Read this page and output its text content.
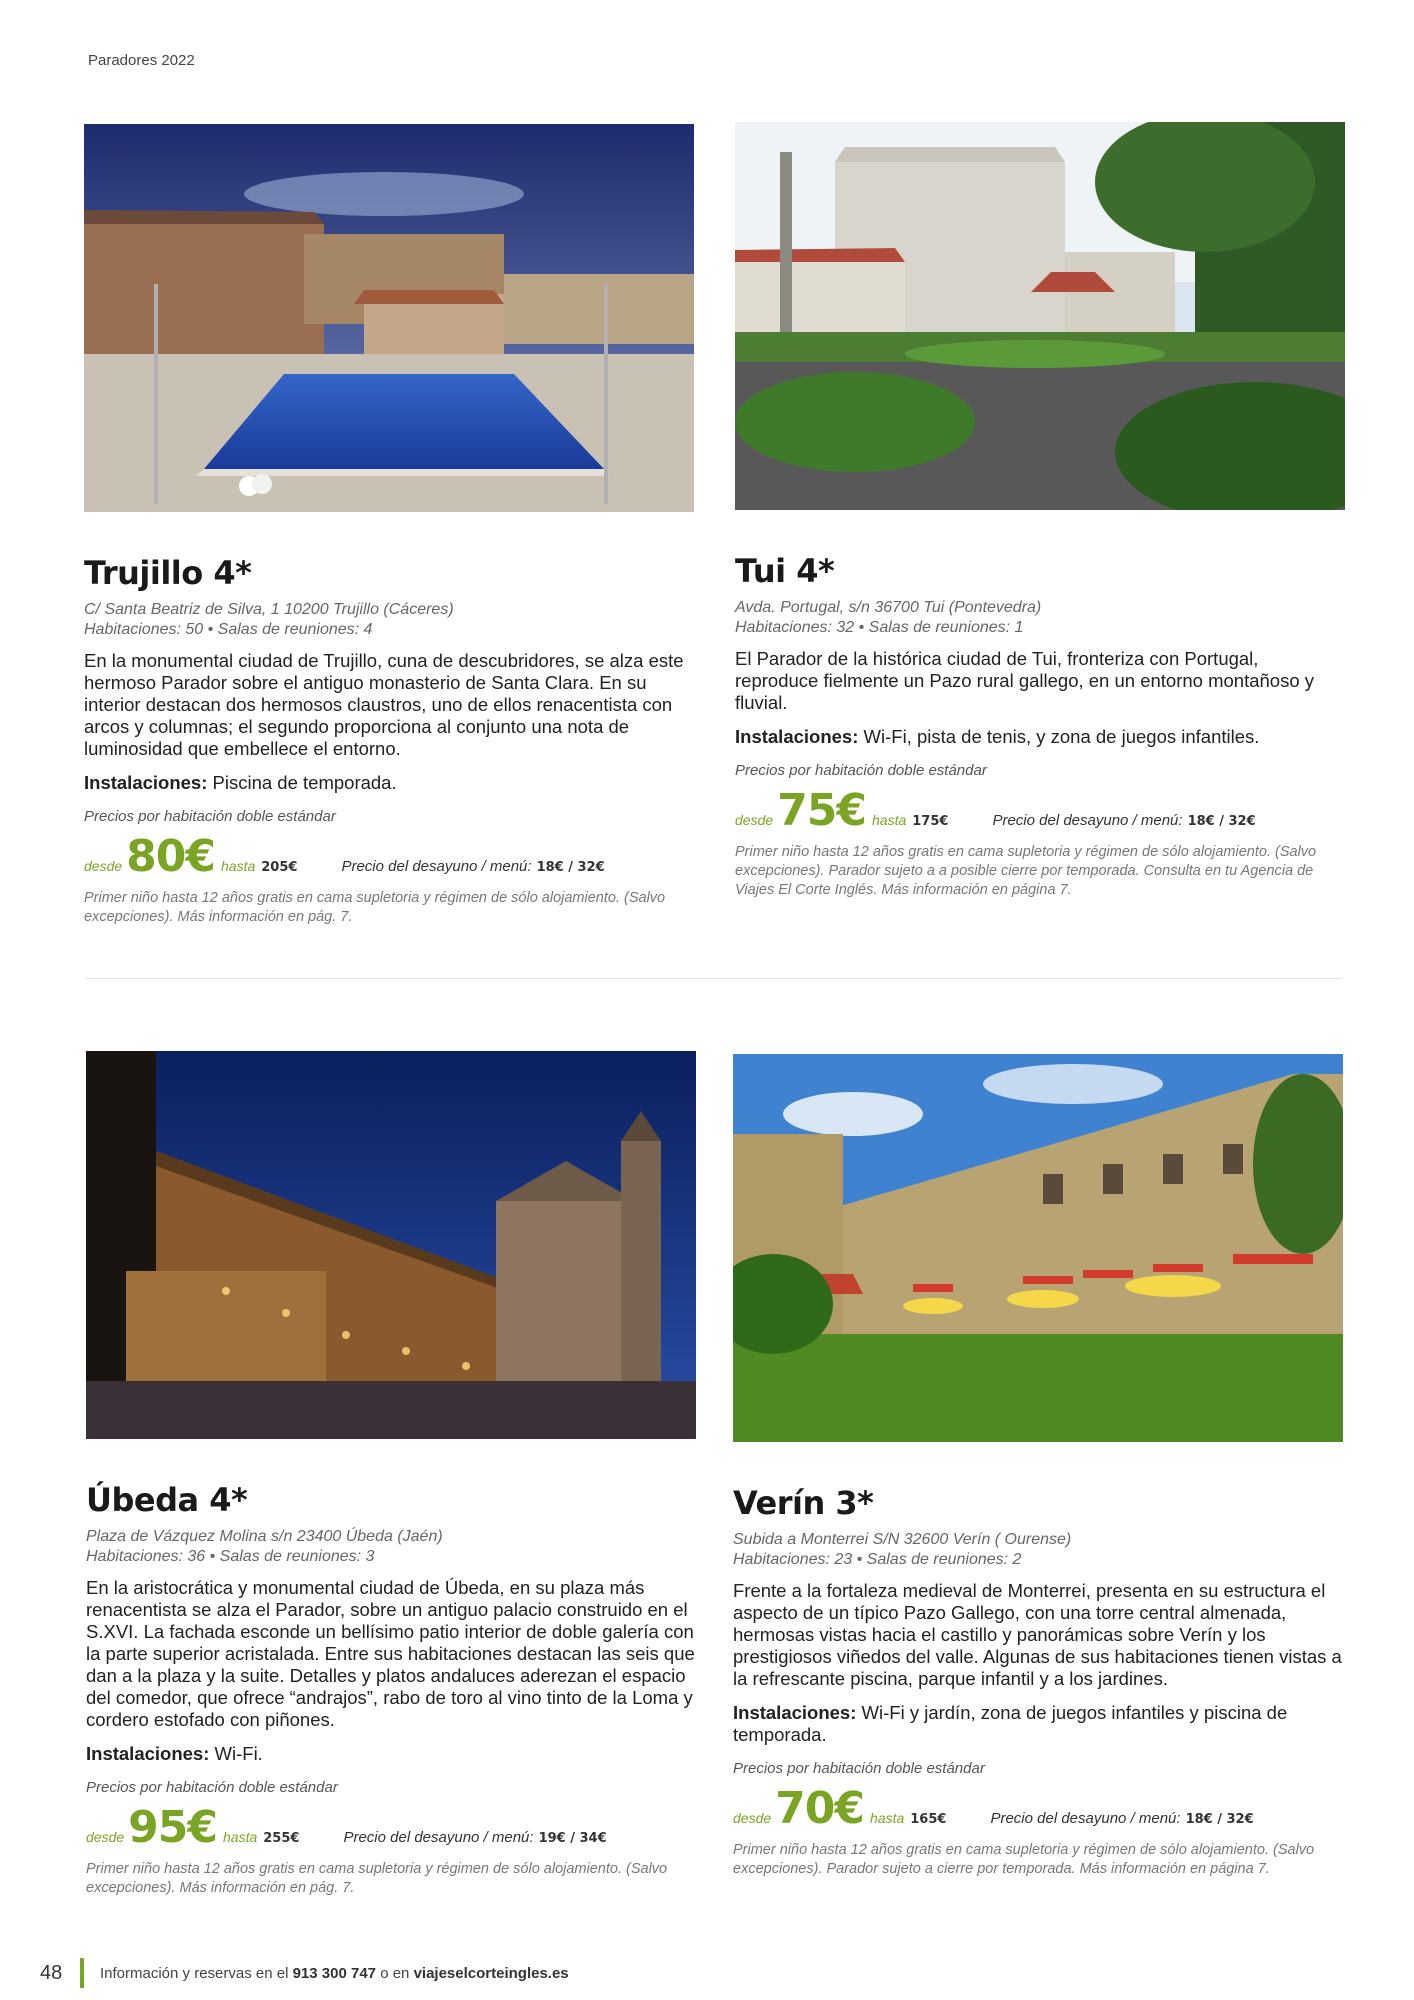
Paradores 2022
Trujillo 4*
C/ Santa Beatriz de Silva, 1 10200 Trujillo (Cáceres)
Habitaciones: 50 • Salas de reuniones: 4

En la monumental ciudad de Trujillo, cuna de descubridores, se alza este hermoso Parador sobre el antiguo monasterio de Santa Clara. En su interior destacan dos hermosos claustros, uno de ellos renacentista con arcos y columnas; el segundo proporciona al conjunto una nota de luminosidad que embellece el entorno.

Instalaciones: Piscina de temporada.

Precios por habitación doble estándar
desde 80€ hasta 205€	Precio del desayuno / menú: 18€ / 32€

Primer niño hasta 12 años gratis en cama supletoria y régimen de sólo alojamiento. (Salvo excepciones). Más información en pág. 7.

Tui 4*
Avda. Portugal, s/n 36700 Tui (Pontevedra)
Habitaciones: 32 • Salas de reuniones: 1

El Parador de la histórica ciudad de Tui, fronteriza con Portugal, reproduce fielmente un Pazo rural gallego, en un entorno montañoso y fluvial.

Instalaciones: Wi-Fi, pista de tenis, y zona de juegos infantiles.

Precios por habitación doble estándar
desde 75€ hasta 175€	Precio del desayuno / menú: 18€ / 32€

Primer niño hasta 12 años gratis en cama supletoria y régimen de sólo alojamiento. (Salvo excepciones). Parador sujeto a a posible cierre por temporada. Consulta en tu Agencia de Viajes El Corte Inglés. Más información en página 7.

Úbeda 4*
Plaza de Vázquez Molina s/n 23400 Úbeda (Jaén)
Habitaciones: 36 • Salas de reuniones: 3

En la aristocrática y monumental ciudad de Úbeda, en su plaza más renacentista se alza el Parador, sobre un antiguo palacio construido en el S.XVI. La fachada esconde un bellísimo patio interior de doble galería con la parte superior acristalada. Entre sus habitaciones destacan las seis que dan a la plaza y la suite. Detalles y platos andaluces aderezan el espacio del comedor, que ofrece “andrajos”, rabo de toro al vino tinto de la Loma y cordero estofado con piñones.

Instalaciones: Wi-Fi.

Precios por habitación doble estándar
desde 95€ hasta 255€	Precio del desayuno / menú: 19€ / 34€

Primer niño hasta 12 años gratis en cama supletoria y régimen de sólo alojamiento. (Salvo excepciones). Más información en pág. 7.

Verín 3*
Subida a Monterrei S/N 32600 Verín ( Ourense)
Habitaciones: 23 • Salas de reuniones: 2

Frente a la fortaleza medieval de Monterrei, presenta en su estructura el aspecto de un típico Pazo Gallego, con una torre central almenada, hermosas vistas hacia el castillo y panorámicas sobre Verín y los prestigiosos viñedos del valle. Algunas de sus habitaciones tienen vistas a la refrescante piscina, parque infantil y a los jardines.

Instalaciones: Wi-Fi y jardín, zona de juegos infantiles y piscina de temporada.

Precios por habitación doble estándar
desde 70€ hasta 165€	Precio del desayuno / menú: 18€ / 32€

Primer niño hasta 12 años gratis en cama supletoria y régimen de sólo alojamiento. (Salvo excepciones). Parador sujeto a cierre por temporada. Más información en página 7.

48	Información y reservas en el 913 300 747 o en viajeselcorteingles.es
